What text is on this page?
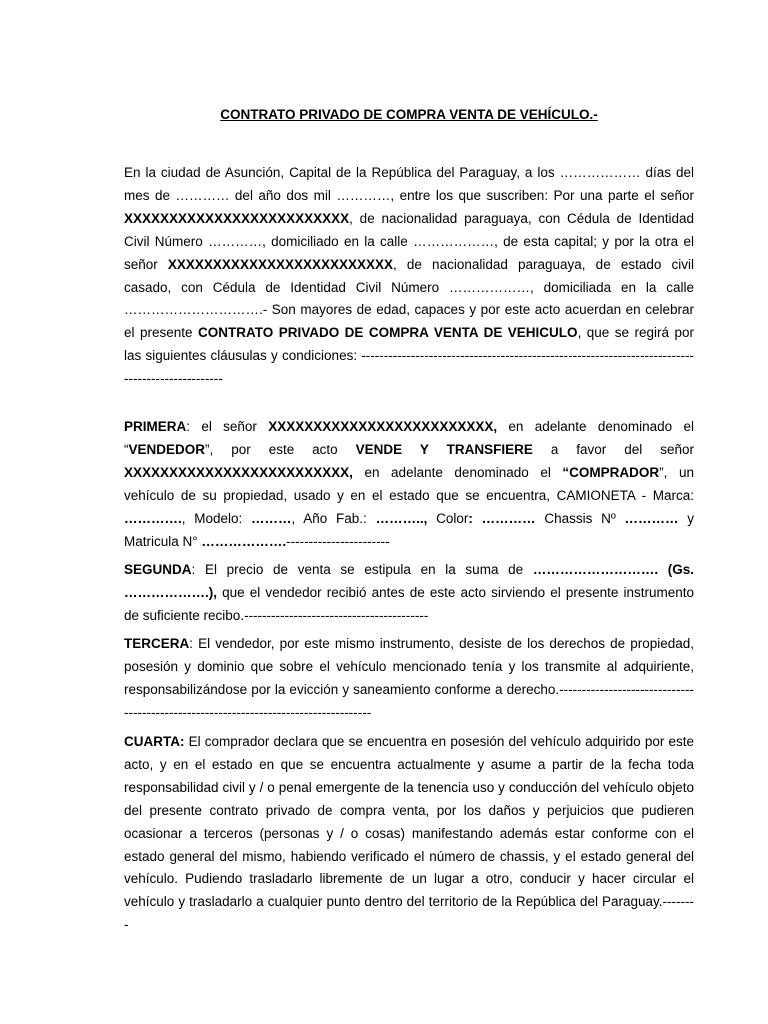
CONTRATO PRIVADO DE COMPRA VENTA DE VEHÍCULO.-

En la ciudad de Asunción, Capital de la República del Paraguay, a los ……………… días del mes de ………… del año dos mil …………, entre los que suscriben: Por una parte el señor XXXXXXXXXXXXXXXXXXXXXXXXX, de nacionalidad paraguaya, con Cédula de Identidad Civil Número …………, domiciliado en la calle ………………, de esta capital; y por la otra el señor XXXXXXXXXXXXXXXXXXXXXXXXX, de nacionalidad paraguaya, de estado civil casado, con Cédula de Identidad Civil Número ………………, domiciliada en la calle ………………………….- Son mayores de edad, capaces y por este acto acuerdan en celebrar el presente CONTRATO PRIVADO DE COMPRA VENTA DE VEHICULO, que se regirá por las siguientes cláusulas y condiciones: ------------------------------------------------------------------------------------------------

PRIMERA: el señor XXXXXXXXXXXXXXXXXXXXXXXXX, en adelante denominado el “VENDEDOR”, por este acto VENDE Y TRANSFIERE a favor del señor XXXXXXXXXXXXXXXXXXXXXXXXX, en adelante denominado el “COMPRADOR”, un vehículo de su propiedad, usado y en el estado que se encuentra, CAMIONETA - Marca: …………., Modelo: ………, Año Fab.: ……….., Color: ………… Chassis Nº ………… y Matricula N° ……………….-----------------------

SEGUNDA: El precio de venta se estipula en la suma de ………………………. (Gs. ……………….), que el vendedor recibió antes de este acto sirviendo el presente instrumento de suficiente recibo.-----------------------------------------

TERCERA: El vendedor, por este mismo instrumento, desiste de los derechos de propiedad, posesión y dominio que sobre el vehículo mencionado tenía y los transmite al adquiriente, responsabilizándose por la evicción y saneamiento conforme a derecho.-------------------------------------------------------------------------------------

CUARTA: El comprador declara que se encuentra en posesión del vehículo adquirido por este acto, y en el estado en que se encuentra actualmente y asume a partir de la fecha toda responsabilidad civil y / o penal emergente de la tenencia uso y conducción del vehículo objeto del presente contrato privado de compra venta, por los daños y perjuicios que pudieren ocasionar a terceros (personas y / o cosas) manifestando además estar conforme con el estado general del mismo, habiendo verificado el número de chassis, y el estado general del vehículo. Pudiendo trasladarlo libremente de un lugar a otro, conducir y hacer circular el vehículo y trasladarlo a cualquier punto dentro del territorio de la República del Paraguay.--------
